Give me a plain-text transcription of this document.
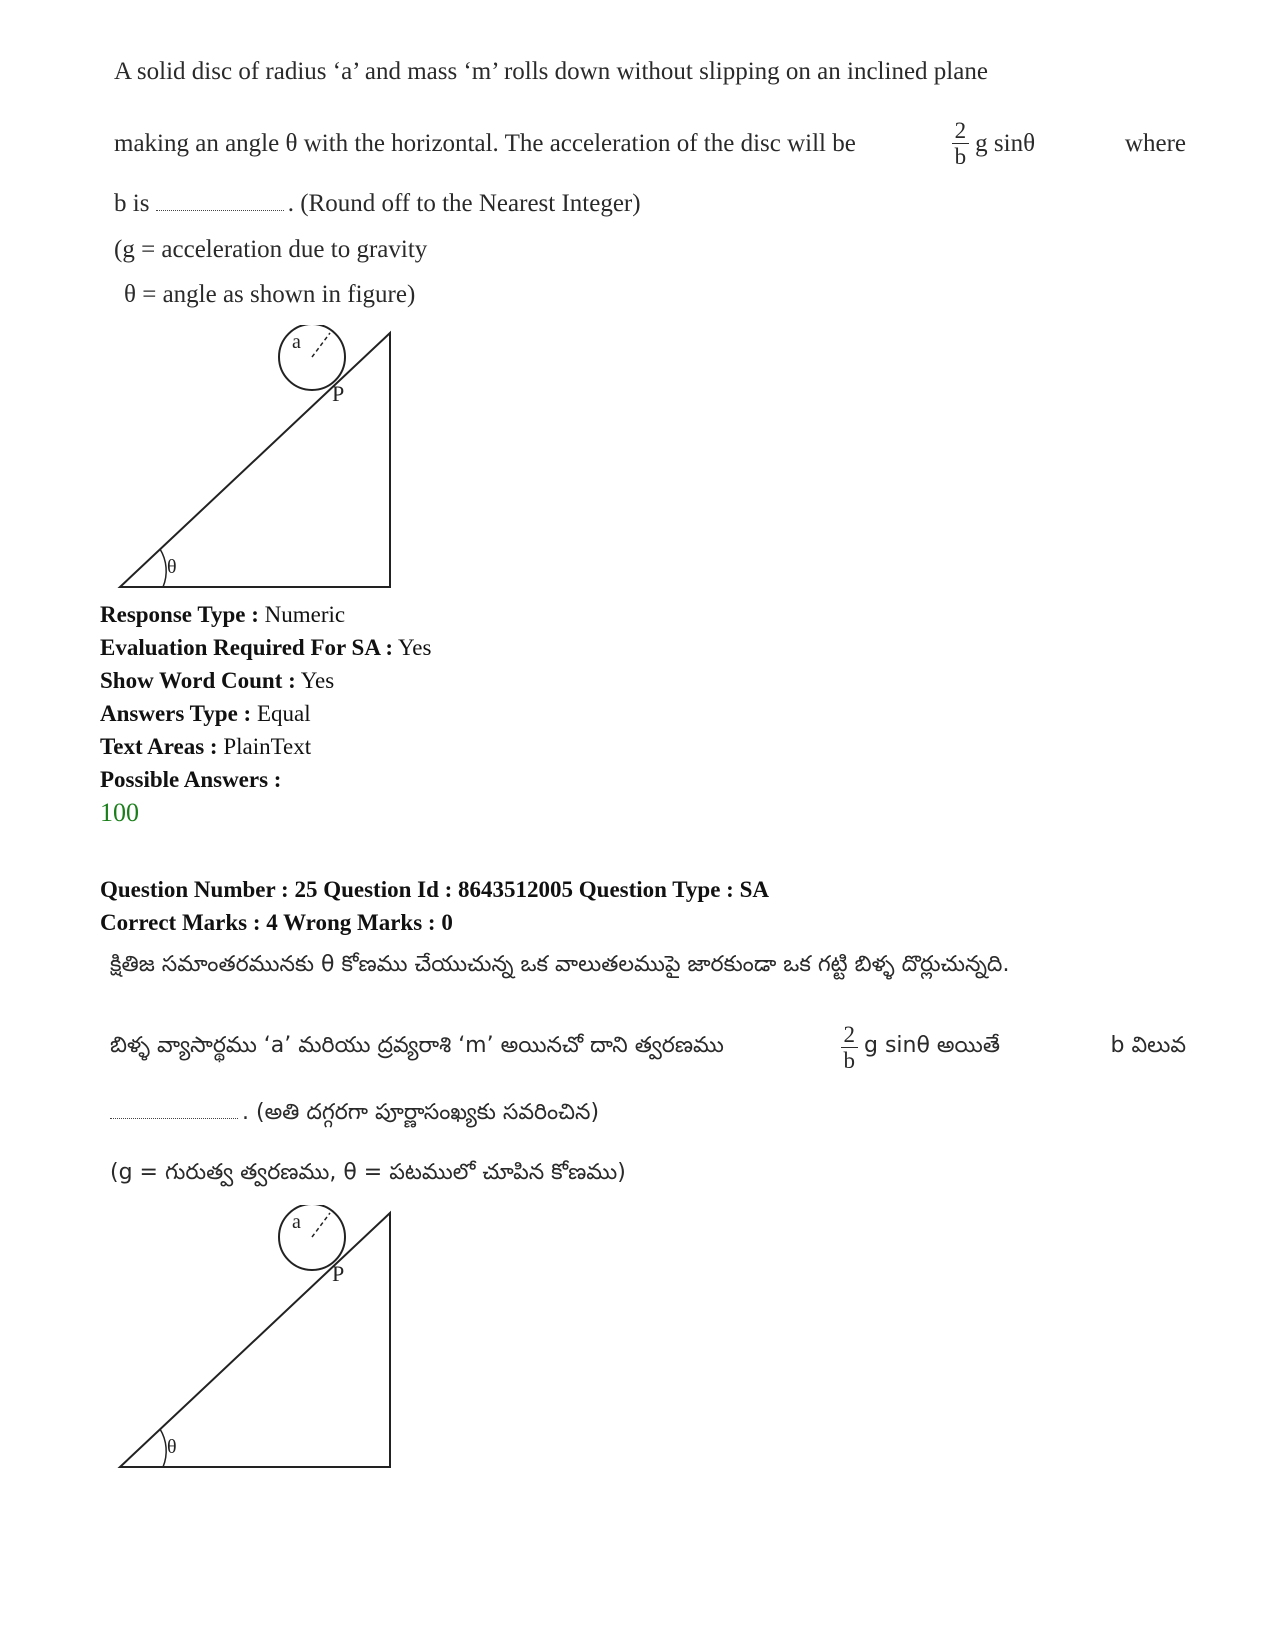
A solid disc of radius ‘a’ and mass ‘m’ rolls down without slipping on an inclined plane
making an angle θ with the horizontal. The acceleration of the disc will be	$\frac{2}{b}$ g sinθ	where
b is	. (Round off to the Nearest Integer)
(g = acceleration due to gravity
θ = angle as shown in figure)
a
P
θ
Response Type : Numeric
Evaluation Required For SA : Yes
Show Word Count : Yes
Answers Type : Equal
Text Areas : PlainText
Possible Answers :
100
Question Number : 25 Question Id : 8643512005 Question Type : SA
Correct Marks : 4 Wrong Marks : 0
క్షితిజ సమాంతరమునకు θ కోణము చేయుచున్న ఒక వాలుతలముపై జారకుండా ఒక గట్టి బిళ్ళ దొర్లుచున్నది.
బిళ్ళ వ్యాసార్థము ‘a’ మరియు ద్రవ్యరాశి ‘m’ అయినచో దాని త్వరణము	$\frac{2}{b}$ g sinθ అయితే	b విలువ
. (అతి దగ్గరగా పూర్ణాసంఖ్యకు సవరించిన)
(g = గురుత్వ త్వరణము, θ = పటములో చూపిన కోణము)
a
P
θ
